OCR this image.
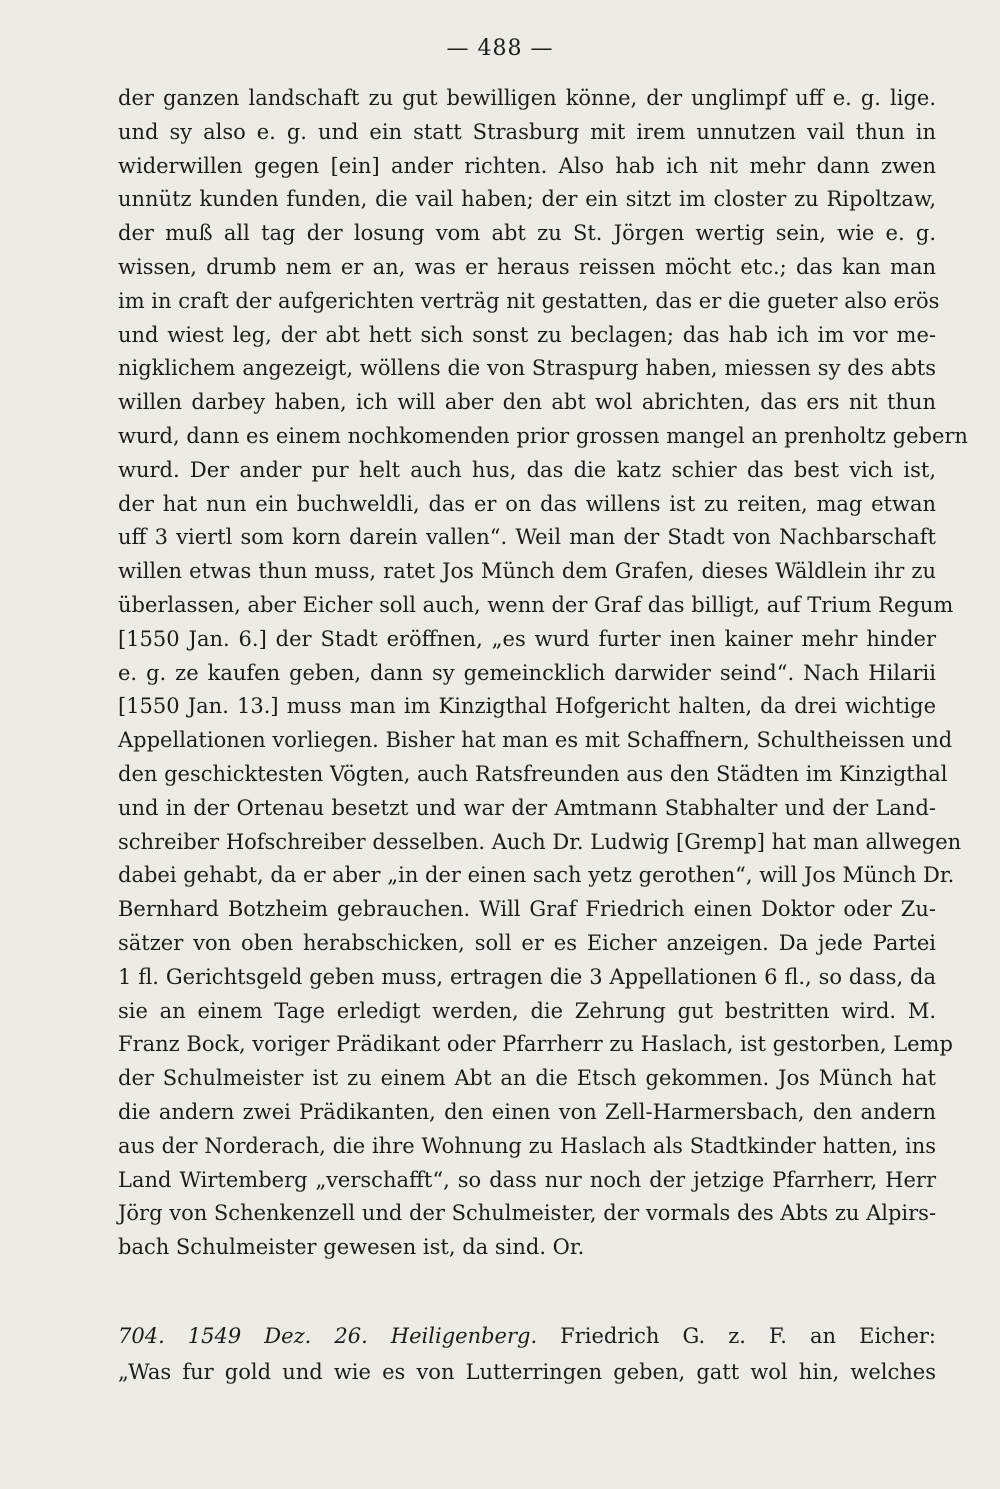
— 488 —
der ganzen landschaft zu gut bewilligen könne, der unglimpf uff e. g. lige.
und sy also e. g. und ein statt Strasburg mit irem unnutzen vail thun in
widerwillen gegen [ein] ander richten. Also hab ich nit mehr dann zwen
unnütz kunden funden, die vail haben; der ein sitzt im closter zu Ripoltzaw,
der muß all tag der losung vom abt zu St. Jörgen wertig sein, wie e. g.
wissen, drumb nem er an, was er heraus reissen möcht etc.; das kan man
im in craft der aufgerichten verträg nit gestatten, das er die gueter also erös
und wiest leg, der abt hett sich sonst zu beclagen; das hab ich im vor me-
nigklichem angezeigt, wöllens die von Straspurg haben, miessen sy des abts
willen darbey haben, ich will aber den abt wol abrichten, das ers nit thun
wurd, dann es einem nochkomenden prior grossen mangel an prenholtz gebern
wurd. Der ander pur helt auch hus, das die katz schier das best vich ist,
der hat nun ein buchweldli, das er on das willens ist zu reiten, mag etwan
uff 3 viertl som korn darein vallen“. Weil man der Stadt von Nachbarschaft
willen etwas thun muss, ratet Jos Münch dem Grafen, dieses Wäldlein ihr zu
überlassen, aber Eicher soll auch, wenn der Graf das billigt, auf Trium Regum
[1550 Jan. 6.] der Stadt eröffnen, „es wurd furter inen kainer mehr hinder
e. g. ze kaufen geben, dann sy gemeincklich darwider seind“. Nach Hilarii
[1550 Jan. 13.] muss man im Kinzigthal Hofgericht halten, da drei wichtige
Appellationen vorliegen. Bisher hat man es mit Schaffnern, Schultheissen und
den geschicktesten Vögten, auch Ratsfreunden aus den Städten im Kinzigthal
und in der Ortenau besetzt und war der Amtmann Stabhalter und der Land-
schreiber Hofschreiber desselben. Auch Dr. Ludwig [Gremp] hat man allwegen
dabei gehabt, da er aber „in der einen sach yetz gerothen“, will Jos Münch Dr.
Bernhard Botzheim gebrauchen. Will Graf Friedrich einen Doktor oder Zu-
sätzer von oben herabschicken, soll er es Eicher anzeigen. Da jede Partei
1 fl. Gerichtsgeld geben muss, ertragen die 3 Appellationen 6 fl., so dass, da
sie an einem Tage erledigt werden, die Zehrung gut bestritten wird. M.
Franz Bock, voriger Prädikant oder Pfarrherr zu Haslach, ist gestorben, Lemp
der Schulmeister ist zu einem Abt an die Etsch gekommen. Jos Münch hat
die andern zwei Prädikanten, den einen von Zell-Harmersbach, den andern
aus der Norderach, die ihre Wohnung zu Haslach als Stadtkinder hatten, ins
Land Wirtemberg „verschafft“, so dass nur noch der jetzige Pfarrherr, Herr
Jörg von Schenkenzell und der Schulmeister, der vormals des Abts zu Alpirs-
bach Schulmeister gewesen ist, da sind. Or.
704. 1549 Dez. 26. Heiligenberg. Friedrich G. z. F. an Eicher:
„Was fur gold und wie es von Lutterringen geben, gatt wol hin, welches
